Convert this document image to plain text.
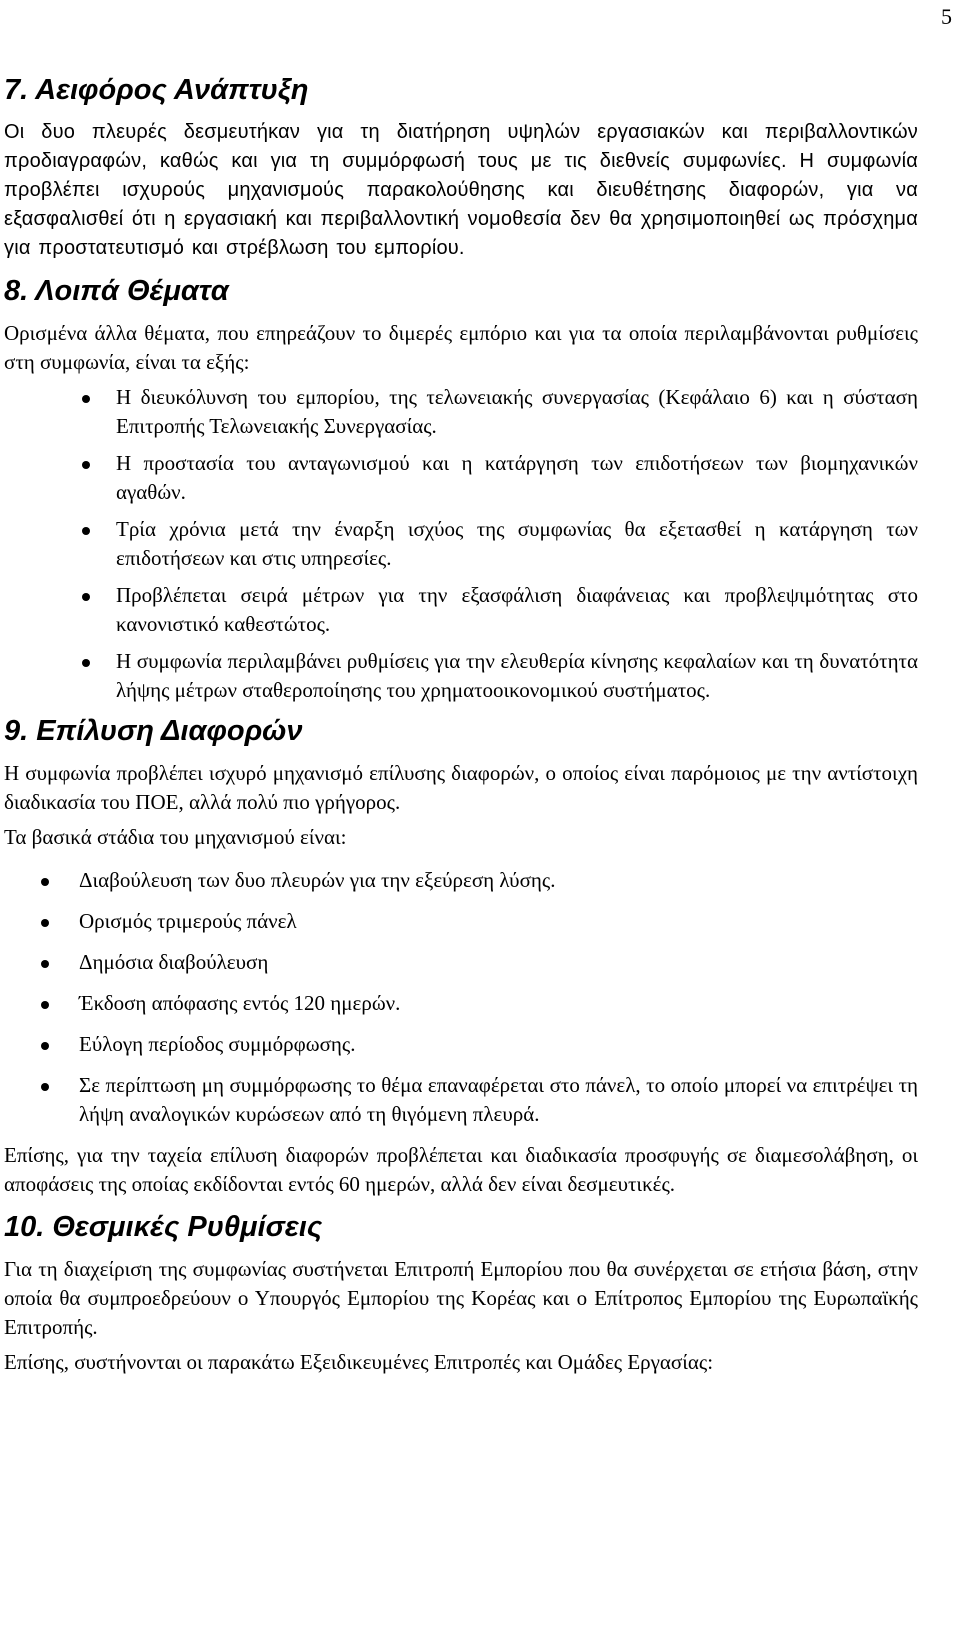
5
7. Αειφόρος Ανάπτυξη

Οι δυο πλευρές δεσμευτήκαν για τη διατήρηση υψηλών εργασιακών και περιβαλλοντικών προδιαγραφών, καθώς και για τη συμμόρφωσή τους με τις διεθνείς συμφωνίες. Η συμφωνία προβλέπει ισχυρούς μηχανισμούς παρακολούθησης και διευθέτησης διαφορών, για να εξασφαλισθεί ότι η εργασιακή και περιβαλλοντική νομοθεσία δεν θα χρησιμοποιηθεί ως πρόσχημα για προστατευτισμό και στρέβλωση του εμπορίου.

8. Λοιπά Θέματα

Ορισμένα άλλα θέματα, που επηρεάζουν το διμερές εμπόριο και για τα οποία περιλαμβάνονται ρυθμίσεις στη συμφωνία, είναι τα εξής:

Η διευκόλυνση του εμπορίου, της τελωνειακής συνεργασίας (Κεφάλαιο 6) και η σύσταση Επιτροπής Τελωνειακής Συνεργασίας.
Η προστασία του ανταγωνισμού και η κατάργηση των επιδοτήσεων των βιομηχανικών αγαθών.
Τρία χρόνια μετά την έναρξη ισχύος της συμφωνίας θα εξετασθεί η κατάργηση των επιδοτήσεων και στις υπηρεσίες.
Προβλέπεται σειρά μέτρων για την εξασφάλιση διαφάνειας και προβλεψιμότητας στο κανονιστικό καθεστώτος.
Η συμφωνία περιλαμβάνει ρυθμίσεις για την ελευθερία κίνησης κεφαλαίων και τη δυνατότητα λήψης μέτρων σταθεροποίησης του χρηματοοικονομικού συστήματος.
9. Επίλυση Διαφορών

Η συμφωνία προβλέπει ισχυρό μηχανισμό επίλυσης διαφορών, ο οποίος είναι παρόμοιος με την αντίστοιχη διαδικασία του ΠΟΕ, αλλά πολύ πιο γρήγορος.

Τα βασικά στάδια του μηχανισμού είναι:

Διαβούλευση των δυο πλευρών για την εξεύρεση λύσης.
Ορισμός τριμερούς πάνελ
Δημόσια διαβούλευση
Έκδοση απόφασης εντός 120 ημερών.
Εύλογη περίοδος συμμόρφωσης.
Σε περίπτωση μη συμμόρφωσης το θέμα επαναφέρεται στο πάνελ, το οποίο μπορεί να επιτρέψει τη λήψη αναλογικών κυρώσεων από τη θιγόμενη πλευρά.

Επίσης, για την ταχεία επίλυση διαφορών προβλέπεται και διαδικασία προσφυγής σε διαμεσολάβηση, οι αποφάσεις της οποίας εκδίδονται εντός 60 ημερών, αλλά δεν είναι δεσμευτικές.

10. Θεσμικές Ρυθμίσεις

Για τη διαχείριση της συμφωνίας συστήνεται Επιτροπή Εμπορίου που θα συνέρχεται σε ετήσια βάση, στην οποία θα συμπροεδρεύουν ο Υπουργός Εμπορίου της Κορέας και ο Επίτροπος Εμπορίου της Ευρωπαϊκής Επιτροπής.

Επίσης, συστήνονται οι παρακάτω Εξειδικευμένες Επιτροπές και Ομάδες Εργασίας:
